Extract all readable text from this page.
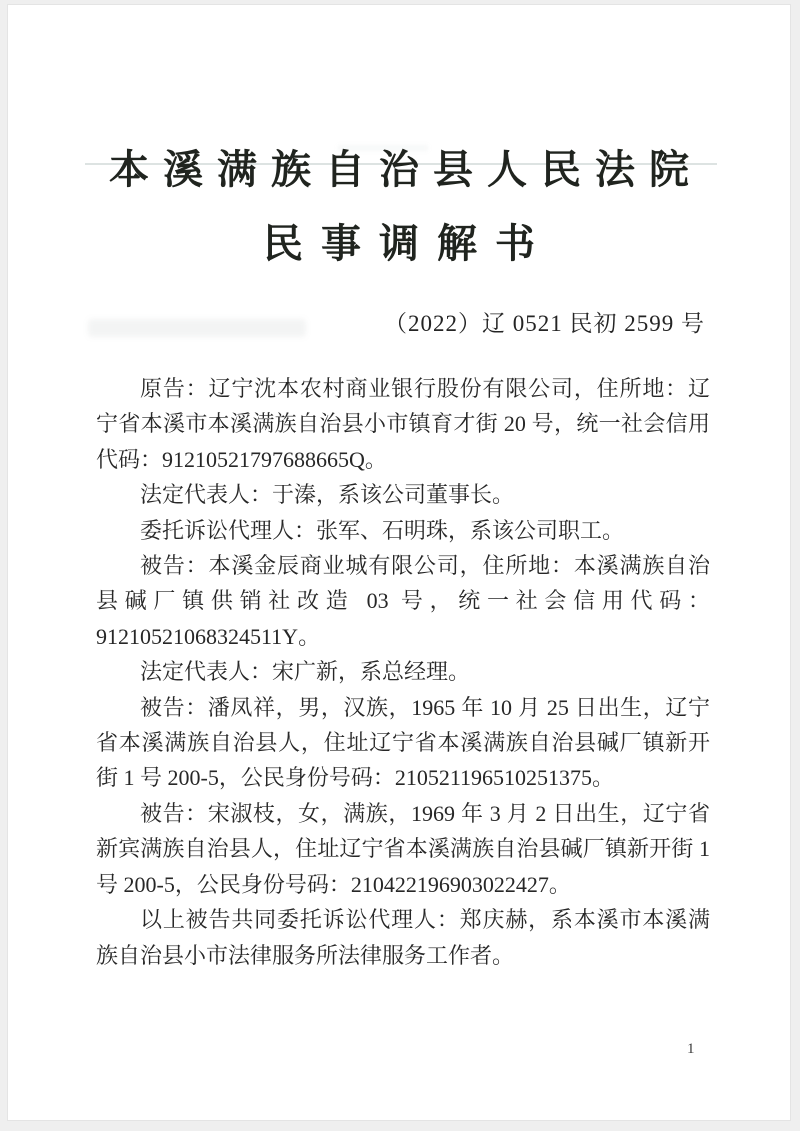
本溪满族自治县人民法院
民事调解书
（2022）辽 0521 民初 2599 号

原告：辽宁沈本农村商业银行股份有限公司，住所地：辽宁省本溪市本溪满族自治县小市镇育才街 20 号，统一社会信用代码：91210521797688665Q。

法定代表人：于溱，系该公司董事长。

委托诉讼代理人：张军、石明珠，系该公司职工。

被告：本溪金辰商业城有限公司，住所地：本溪满族自治县碱厂镇供销社改造 03 号，统一社会信用代码：91210521068324511Y。

法定代表人：宋广新，系总经理。

被告：潘凤祥，男，汉族，1965 年 10 月 25 日出生，辽宁省本溪满族自治县人，住址辽宁省本溪满族自治县碱厂镇新开街 1 号 200-5，公民身份号码：210521196510251375。

被告：宋淑枝，女，满族，1969 年 3 月 2 日出生，辽宁省新宾满族自治县人，住址辽宁省本溪满族自治县碱厂镇新开街 1 号 200-5，公民身份号码：210422196903022427。

以上被告共同委托诉讼代理人：郑庆赫，系本溪市本溪满族自治县小市法律服务所法律服务工作者。

1
